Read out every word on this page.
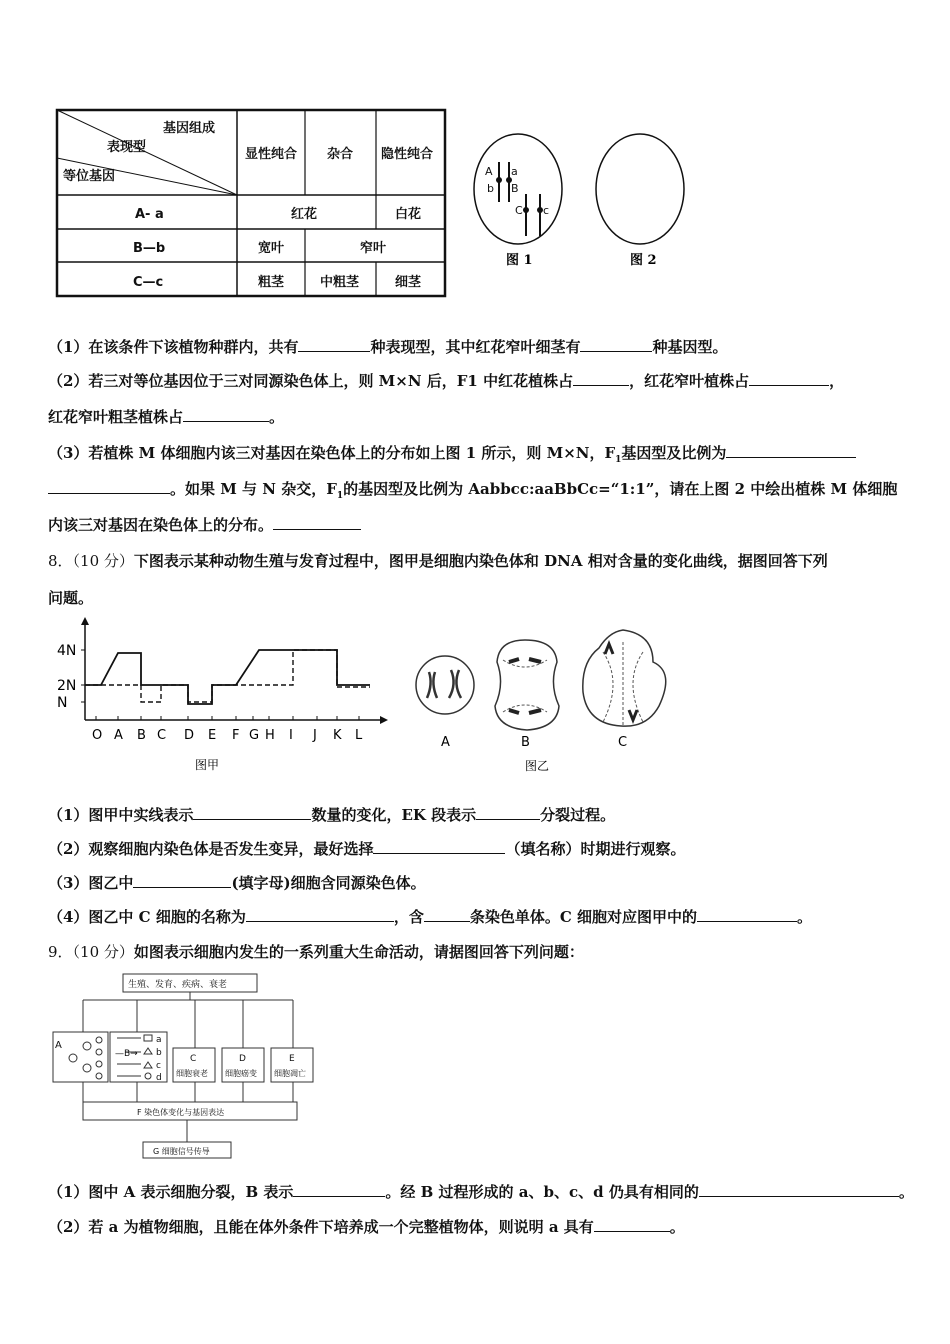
基因组成
表现型
等位基因
显性纯合 杂合 隐性纯合
A- a	红花	白花
B—b	宽叶	窄叶
C—c	粗茎	中粗茎	细茎
A a
b B
C c
图 1	图 2
（1）在该条件下该植物种群内，共有	种表现型，其中红花窄叶细茎有	种基因型。
（2）若三对等位基因位于三对同源染色体上，则 M×N 后，F1 中红花植株占	，红花窄叶植株占	，
红花窄叶粗茎植株占	。
（3）若植株 M 体细胞内该三对基因在染色体上的分布如上图 1 所示，则 M×N，$F_1$基因型及比例为
。如果 M 与 N 杂交，$F_1$的基因型及比例为 Aabbcc:aaBbCc=“1:1”，请在上图 2 中绘出植株 M 体细胞
内该三对基因在染色体上的分布。
8．（10 分）下图表示某种动物生殖与发育过程中，图甲是细胞内染色体和 DNA 相对含量的变化曲线，据图回答下列
问题。
N
2N
4N
O A B C D E F G H I J K L
图甲
A	B	C
图乙
（1）图甲中实线表示	数量的变化，EK 段表示	分裂过程。
（2）观察细胞内染色体是否发生变异，最好选择	（填名称）时期进行观察。
（3）图乙中	(填字母)细胞含同源染色体。
（4）图乙中 C 细胞的名称为	，含	条染色单体。C 细胞对应图甲中的	。
9．（10 分）如图表示细胞内发生的一系列重大生命活动，请据图回答下列问题：
生殖、发育、疾病、衰老
A
—B→
a
b
c
d
C
细胞衰老
D
细胞癌变
E
细胞凋亡
F 染色体变化与基因表达
G 细胞信号传导
（1）图中 A 表示细胞分裂，B 表示	。经 B 过程形成的 a、b、c、d 仍具有相同的	。
（2）若 a 为植物细胞，且能在体外条件下培养成一个完整植物体，则说明 a 具有	。
